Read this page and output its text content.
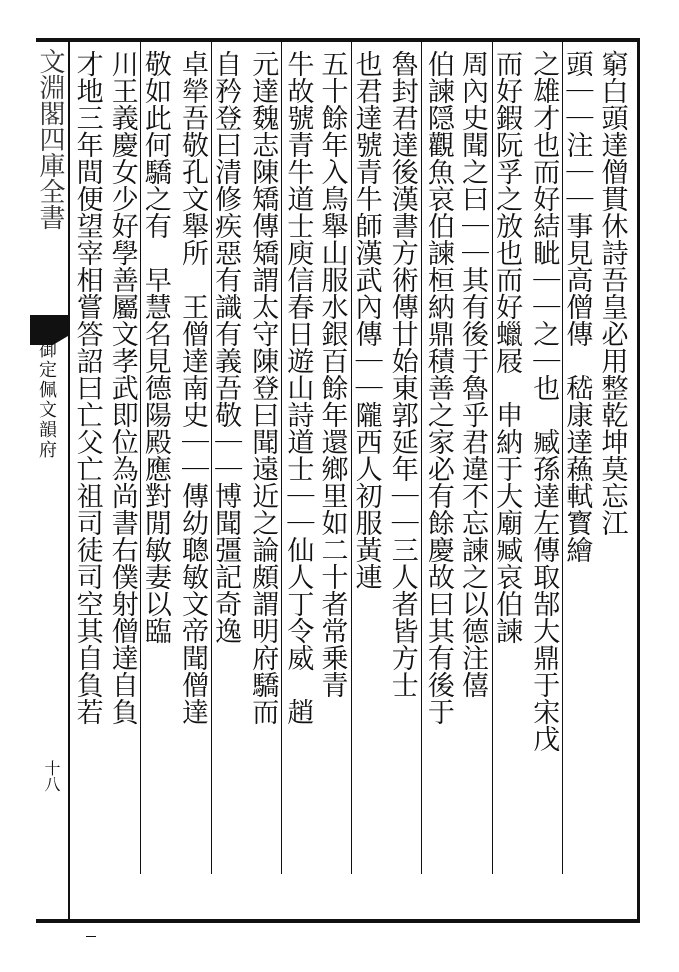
文淵閣四庫全書
御定佩文韻府
十八
窮白頭達僧貫休詩吾皇必用整乾坤莫忘江
頭｜｜注｜｜事見高僧傳　嵇康達蘓軾寳繪
之雄才也而好結眦｜｜之｜也　臧孫達左傳取郜大鼎于宋戊
而好鍜阮孚之放也而好蠟屐　申納于大廟臧哀伯諫
周內史聞之曰｜｜其有後于魯乎君違不忘諫之以德注僖
伯諫隠觀魚哀伯諫桓納鼎積善之家必有餘慶故曰其有後于
魯封君達後漢書方術傳廿始東郭延年｜｜三人者皆方士
也君達號青牛師漢武內傳｜｜隴西人初服黃連
五十餘年入鳥舉山服水銀百餘年還鄉里如二十者常乗青
牛故號青牛道士庾信春日遊山詩道士｜｜仙人丁令威　趙
元達魏志陳矯傳矯謂太守陳登曰聞遠近之論頗謂明府驕而
自矜登曰清修疾惡有識有義吾敬｜｜博聞彊記奇逸
卓犖吾敬孔文舉所　王僧達南史｜｜傳幼聰敏文帝聞僧達
敬如此何驕之有　早慧名見德陽殿應對閒敏妻以臨
川王義慶女少好學善屬文孝武即位為尚書右僕射僧達自負
才地三年間便望宰相嘗答詔曰亡父亡祖司徒司空其自負若
